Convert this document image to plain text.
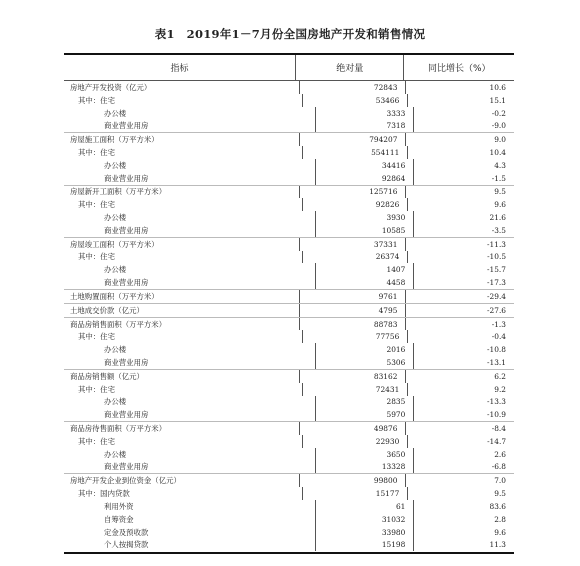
表1　2019年1－7月份全国房地产开发和销售情况
指标	绝对量	同比增长（%）
房地产开发投资（亿元）	72843	10.6
其中：住宅	53466	15.1
办公楼	3333	-0.2
商业营业用房	7318	-9.0
房屋施工面积（万平方米）	794207	9.0
其中：住宅	554111	10.4
办公楼	34416	4.3
商业营业用房	92864	-1.5
房屋新开工面积（万平方米）	125716	9.5
其中：住宅	92826	9.6
办公楼	3930	21.6
商业营业用房	10585	-3.5
房屋竣工面积（万平方米）	37331	-11.3
其中：住宅	26374	-10.5
办公楼	1407	-15.7
商业营业用房	4458	-17.3
土地购置面积（万平方米）	9761	-29.4
土地成交价款（亿元）	4795	-27.6
商品房销售面积（万平方米）	88783	-1.3
其中：住宅	77756	-0.4
办公楼	2016	-10.8
商业营业用房	5306	-13.1
商品房销售额（亿元）	83162	6.2
其中：住宅	72431	9.2
办公楼	2835	-13.3
商业营业用房	5970	-10.9
商品房待售面积（万平方米）	49876	-8.4
其中：住宅	22930	-14.7
办公楼	3650	2.6
商业营业用房	13328	-6.8
房地产开发企业到位资金（亿元）	99800	7.0
其中：国内贷款	15177	9.5
利用外资	61	83.6
自筹资金	31032	2.8
定金及预收款	33980	9.6
个人按揭贷款	15198	11.3
